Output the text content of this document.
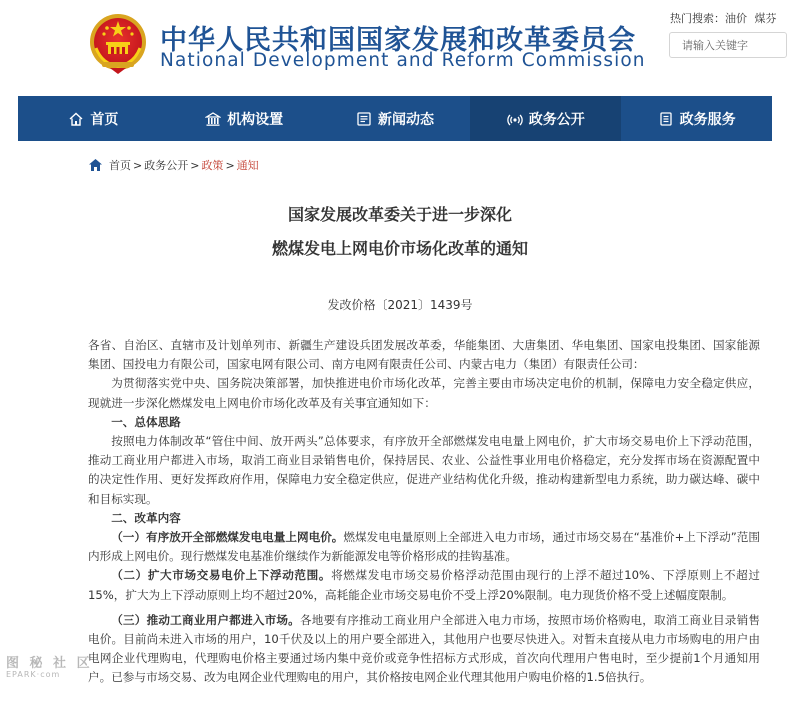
中华人民共和国国家发展和改革委员会
National Development and Reform Commission
热门搜索：油价 煤芬
请输入关键字
首页	机构设置	新闻动态	政务公开	政务服务
首页 > 政务公开 > 政策 > 通知
国家发展改革委关于进一步深化
燃煤发电上网电价市场化改革的通知
发改价格〔2021〕1439号

各省、自治区、直辖市及计划单列市、新疆生产建设兵团发展改革委，华能集团、大唐集团、华电集团、国家电投集团、国家能源集团、国投电力有限公司，国家电网有限公司、南方电网有限责任公司、内蒙古电力（集团）有限责任公司：

为贯彻落实党中央、国务院决策部署，加快推进电价市场化改革，完善主要由市场决定电价的机制，保障电力安全稳定供应，现就进一步深化燃煤发电上网电价市场化改革及有关事宜通知如下：

一、总体思路

按照电力体制改革“管住中间、放开两头”总体要求，有序放开全部燃煤发电电量上网电价，扩大市场交易电价上下浮动范围，推动工商业用户都进入市场，取消工商业目录销售电价，保持居民、农业、公益性事业用电价格稳定，充分发挥市场在资源配置中的决定性作用、更好发挥政府作用，保障电力安全稳定供应，促进产业结构优化升级，推动构建新型电力系统，助力碳达峰、碳中和目标实现。

二、改革内容

（一）有序放开全部燃煤发电电量上网电价。燃煤发电电量原则上全部进入电力市场，通过市场交易在“基准价+上下浮动”范围内形成上网电价。现行燃煤发电基准价继续作为新能源发电等价格形成的挂钩基准。

（二）扩大市场交易电价上下浮动范围。将燃煤发电市场交易价格浮动范围由现行的上浮不超过10%、下浮原则上不超过15%，扩大为上下浮动原则上均不超过20%，高耗能企业市场交易电价不受上浮20%限制。电力现货价格不受上述幅度限制。

（三）推动工商业用户都进入市场。各地要有序推动工商业用户全部进入电力市场，按照市场价格购电，取消工商业目录销售电价。目前尚未进入市场的用户，10千伏及以上的用户要全部进入，其他用户也要尽快进入。对暂未直接从电力市场购电的用户由电网企业代理购电，代理购电价格主要通过场内集中竞价或竞争性招标方式形成，首次向代理用户售电时，至少提前1个月通知用户。已参与市场交易、改为电网企业代理购电的用户，其价格按电网企业代理其他用户购电价格的1.5倍执行。

图 秘 社 区
EPARK·com
